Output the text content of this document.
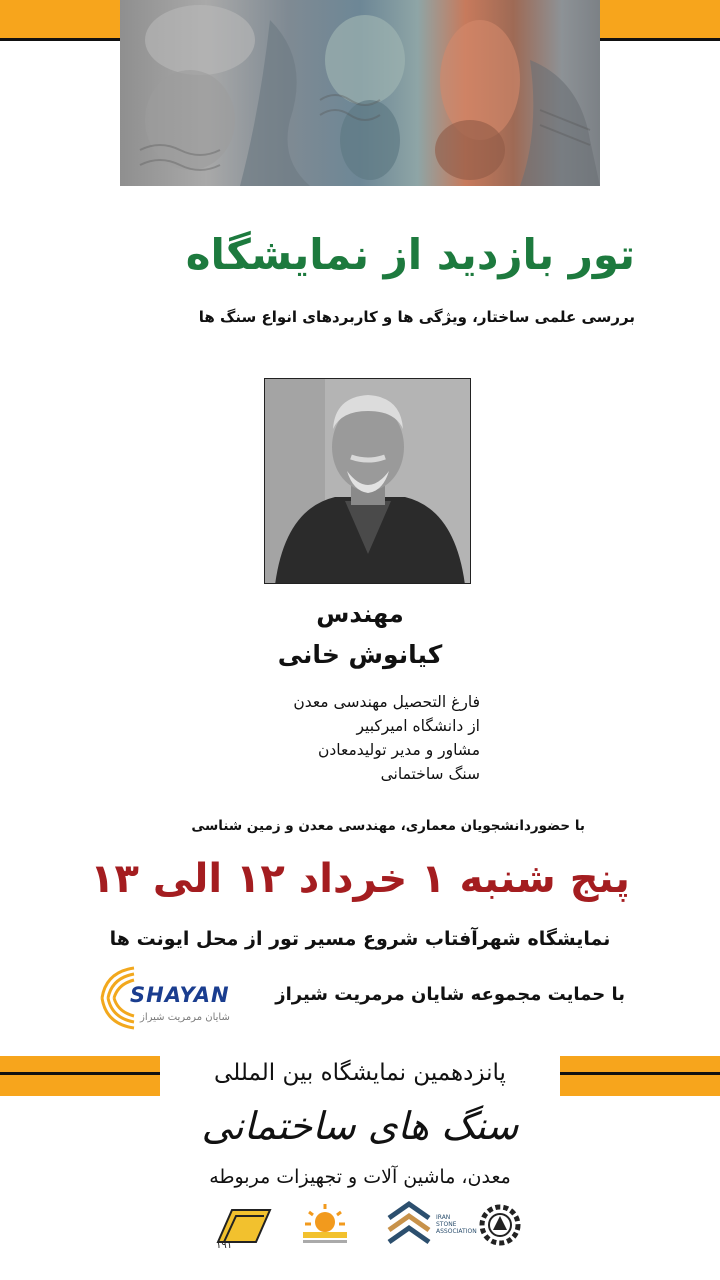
تور بازدید از نمایشگاه
بررسی علمی ساختار، ویژگی ها و کاربردهای انواع سنگ ها
مهندس
کیانوش خانی
فارغ التحصیل مهندسی معدن
از دانشگاه امیرکبیر
مشاور و مدیر تولیدمعادن
سنگ ساختمانی
با حضوردانشجویان معماری، مهندسی معدن و زمین شناسی
پنج شنبه ۱ خرداد ۱۲ الی ۱۳
نمایشگاه شهرآفتاب شروع مسیر تور از محل ایونت ها
با حمایت مجموعه شایان مرمریت شیراز
SHAYAN
شایان مرمریت شیراز
پانزدهمین نمایشگاه بین المللی
سنگ های ساختمانی
معدن، ماشین آلات و تجهیزات مربوطه
۱۹۱
IRAN STONE ASSOCIATION
